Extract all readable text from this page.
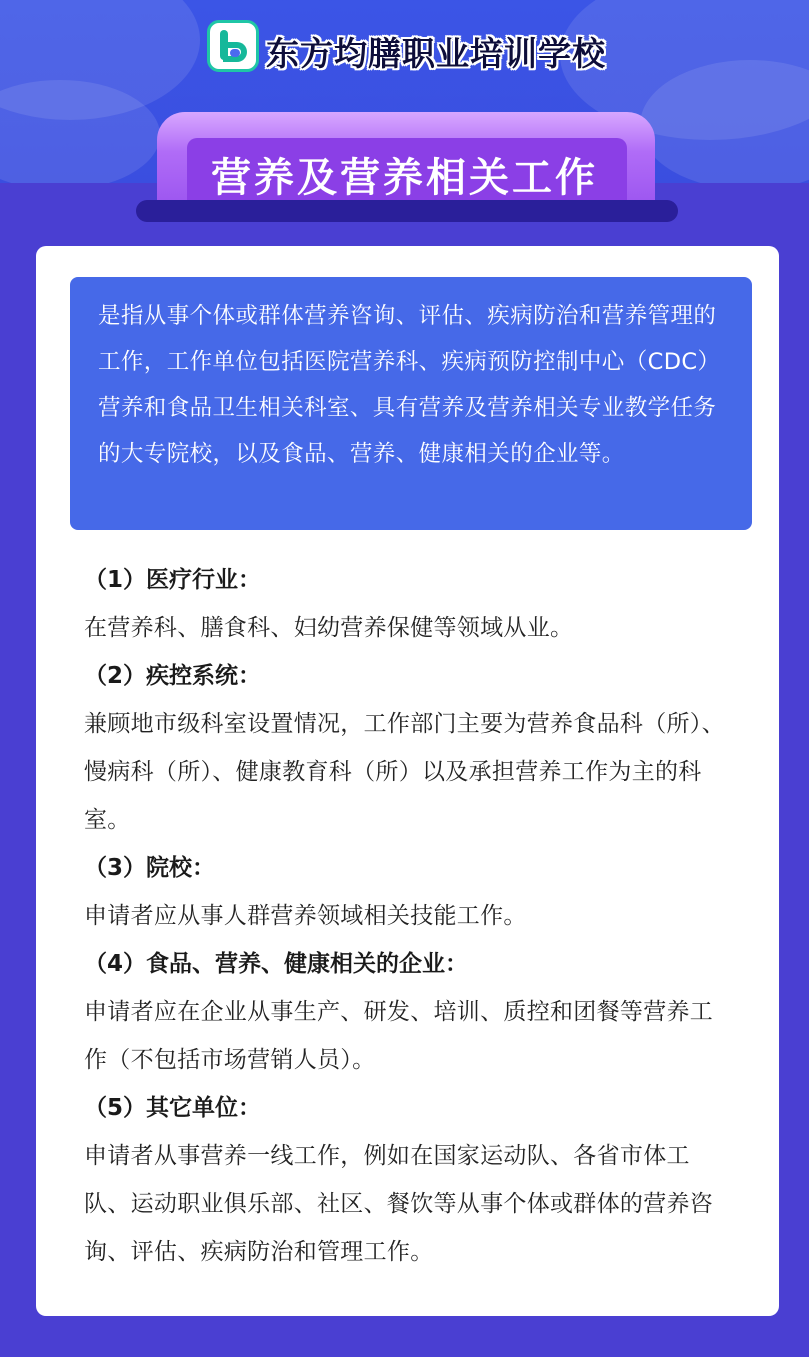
东方均膳职业培训学校
营养及营养相关工作

是指从事个体或群体营养咨询、评估、疾病防治和营养管理的工作，工作单位包括医院营养科、疾病预防控制中心（CDC）营养和食品卫生相关科室、具有营养及营养相关专业教学任务的大专院校，以及食品、营养、健康相关的企业等。

（1）医疗行业：

在营养科、膳食科、妇幼营养保健等领域从业。

（2）疾控系统：

兼顾地市级科室设置情况，工作部门主要为营养食品科（所）、慢病科（所）、健康教育科（所）以及承担营养工作为主的科室。

（3）院校：

申请者应从事人群营养领域相关技能工作。

（4）食品、营养、健康相关的企业：

申请者应在企业从事生产、研发、培训、质控和团餐等营养工作（不包括市场营销人员）。

（5）其它单位：

申请者从事营养一线工作，例如在国家运动队、各省市体工队、运动职业俱乐部、社区、餐饮等从事个体或群体的营养咨询、评估、疾病防治和管理工作。
